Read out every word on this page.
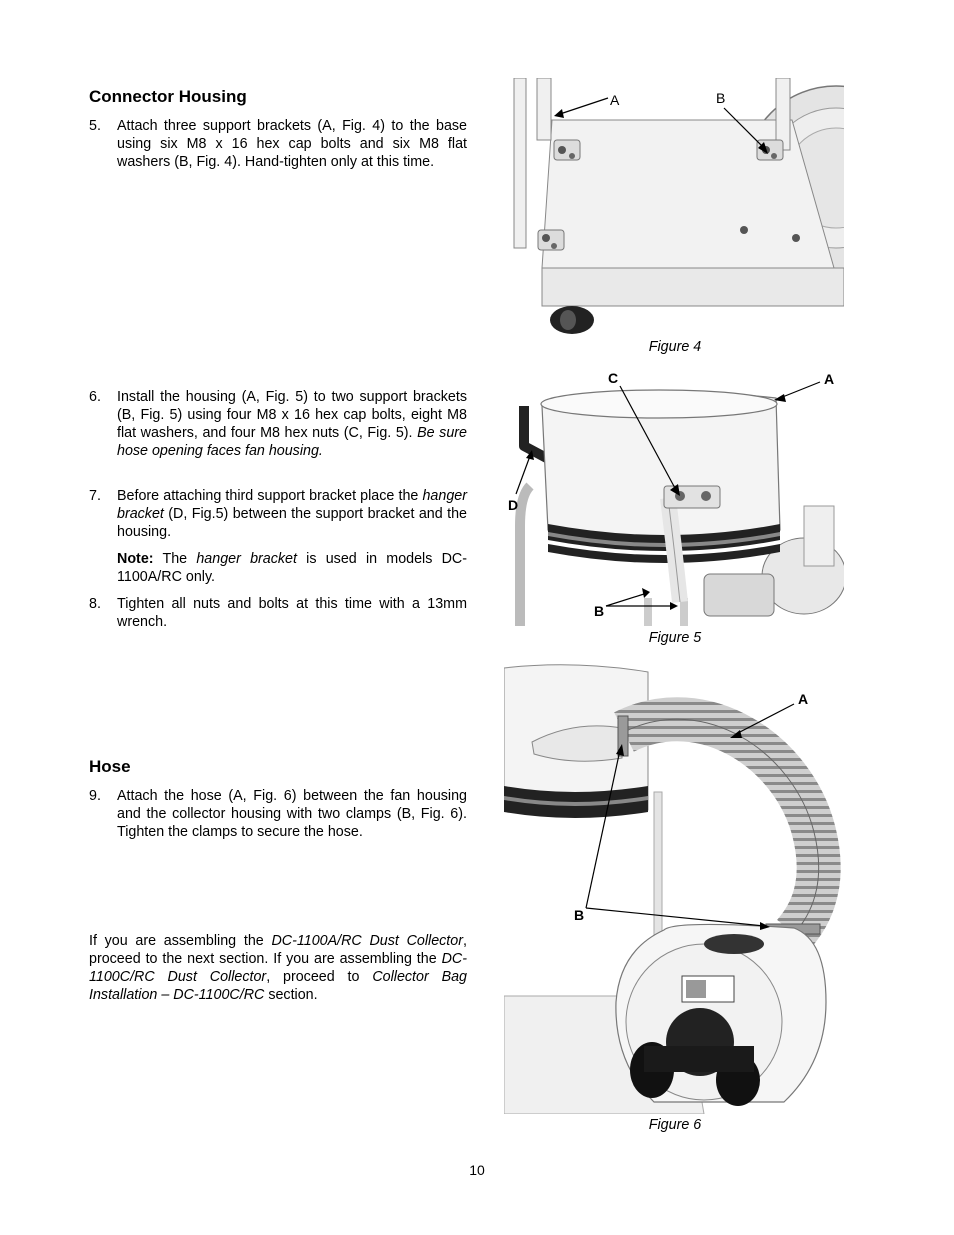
Connector Housing
5.	Attach three support brackets (A, Fig. 4) to the base using six M8 x 16 hex cap bolts and six M8 flat washers (B, Fig. 4). Hand-tighten only at this time.
6.	Install the housing (A, Fig. 5) to two support brackets (B, Fig. 5) using four M8 x 16 hex cap bolts, eight M8 flat washers, and four M8 hex nuts (C, Fig. 5). Be sure hose opening faces fan housing.
7.	Before attaching third support bracket place the hanger bracket (D, Fig.5) between the support bracket and the housing.
Note: The hanger bracket is used in models DC-1100A/RC only.
8.	Tighten all nuts and bolts at this time with a 13mm wrench.
Hose
9.	Attach the hose (A, Fig. 6) between the fan housing and the collector housing with two clamps (B, Fig. 6). Tighten the clamps to secure the hose.
If you are assembling the DC-1100A/RC Dust Collector, proceed to the next section. If you are assembling the DC-1100C/RC Dust Collector, proceed to Collector Bag Installation – DC-1100C/RC section.
A	B
Figure 4
C	A
D
B
Figure 5
A
B
Figure 6
10
